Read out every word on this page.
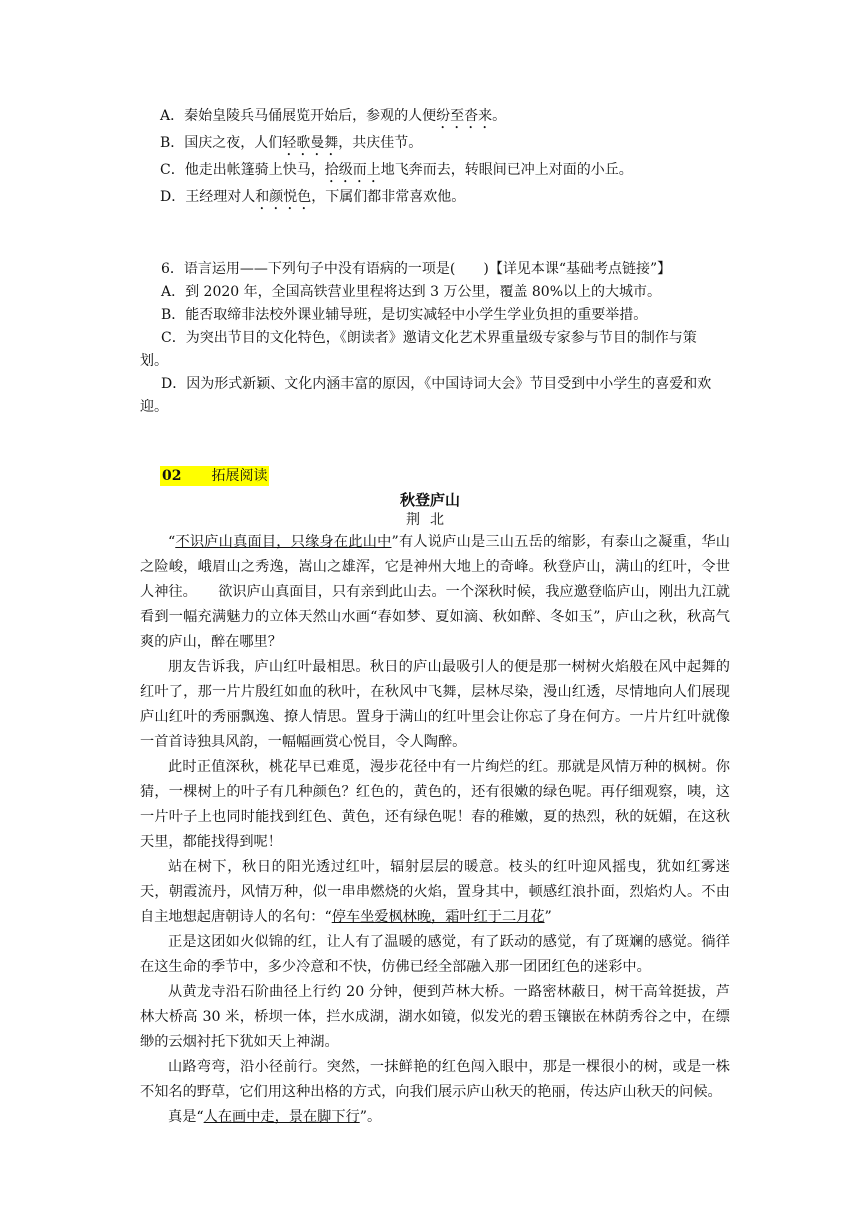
A．秦始皇陵兵马俑展览开始后，参观的人便纷至沓来。
B．国庆之夜，人们轻歌曼舞，共庆佳节。
C．他走出帐篷骑上快马，拾级而上地飞奔而去，转眼间已冲上对面的小丘。
D．王经理对人和颜悦色，下属们都非常喜欢他。

6．语言运用——下列句子中没有语病的一项是(　　)【详见本课“基础考点链接”】

A．到 2020 年，全国高铁营业里程将达到 3 万公里，覆盖 80%以上的大城市。

B．能否取缔非法校外课业辅导班，是切实减轻中小学生学业负担的重要举措。

C．为突出节目的文化特色，《朗读者》邀请文化艺术界重量级专家参与节目的制作与策划。

D．因为形式新颖、文化内涵丰富的原因，《中国诗词大会》节目受到中小学生的喜爱和欢迎。

02 拓展阅读
秋登庐山
荆北

“不识庐山真面目，只缘身在此山中”有人说庐山是三山五岳的缩影，有泰山之凝重，华山之险峻，峨眉山之秀逸，嵩山之雄浑，它是神州大地上的奇峰。秋登庐山，满山的红叶，令世人神往。　　欲识庐山真面目，只有亲到此山去。一个深秋时候，我应邀登临庐山，刚出九江就看到一幅充满魅力的立体天然山水画“春如梦、夏如滴、秋如醉、冬如玉”，庐山之秋，秋高气爽的庐山，醉在哪里？

朋友告诉我，庐山红叶最相思。秋日的庐山最吸引人的便是那一树树火焰般在风中起舞的红叶了，那一片片殷红如血的秋叶，在秋风中飞舞，层林尽染，漫山红透，尽情地向人们展现庐山红叶的秀丽飘逸、撩人情思。置身于满山的红叶里会让你忘了身在何方。一片片红叶就像一首首诗独具风韵，一幅幅画赏心悦目，令人陶醉。

此时正值深秋，桃花早已难觅，漫步花径中有一片绚烂的红。那就是风情万种的枫树。你猜，一棵树上的叶子有几种颜色？红色的，黄色的，还有很嫩的绿色呢。再仔细观察，咦，这一片叶子上也同时能找到红色、黄色，还有绿色呢！春的稚嫩，夏的热烈，秋的妩媚，在这秋天里，都能找得到呢！

站在树下，秋日的阳光透过红叶，辐射层层的暖意。枝头的红叶迎风摇曳，犹如红雾迷天，朝霞流丹，风情万种，似一串串燃烧的火焰，置身其中，顿感红浪扑面，烈焰灼人。不由自主地想起唐朝诗人的名句：“停车坐爱枫林晚，霜叶红于二月花”

正是这团如火似锦的红，让人有了温暖的感觉，有了跃动的感觉，有了斑斓的感觉。徜徉在这生命的季节中，多少冷意和不快，仿佛已经全部融入那一团团红色的迷彩中。

从黄龙寺沿石阶曲径上行约 20 分钟，便到芦林大桥。一路密林蔽日，树干高耸挺拔，芦林大桥高 30 米，桥坝一体，拦水成湖，湖水如镜，似发光的碧玉镶嵌在林荫秀谷之中，在缥缈的云烟衬托下犹如天上神湖。

山路弯弯，沿小径前行。突然，一抹鲜艳的红色闯入眼中，那是一棵很小的树，或是一株不知名的野草，它们用这种出格的方式，向我们展示庐山秋天的艳丽，传达庐山秋天的问候。

真是“人在画中走，景在脚下行”。
